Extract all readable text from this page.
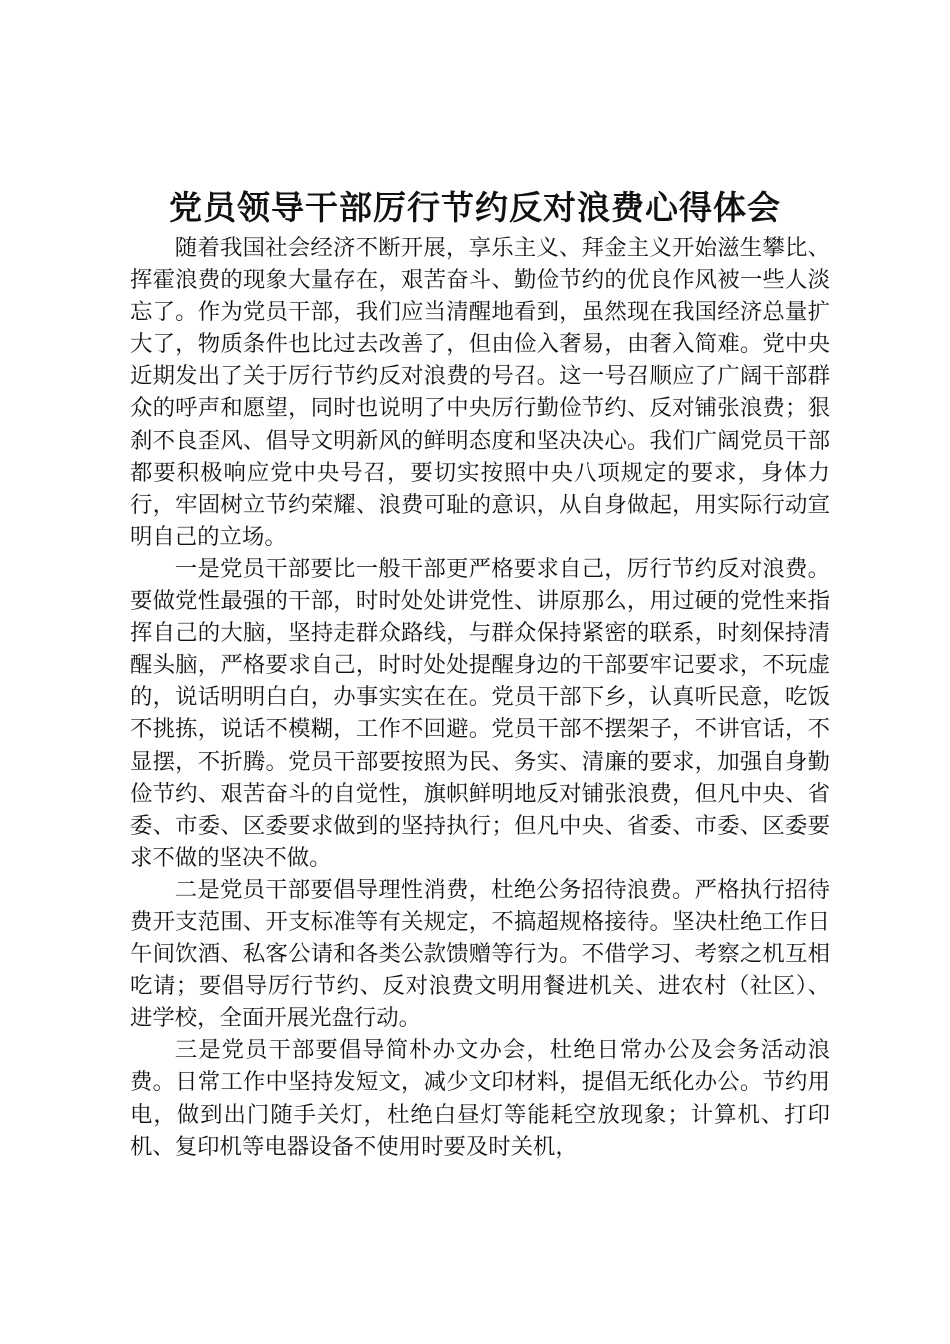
党员领导干部厉行节约反对浪费心得体会

随着我国社会经济不断开展，享乐主义、拜金主义开始滋生攀比、挥霍浪费的现象大量存在，艰苦奋斗、勤俭节约的优良作风被一些人淡忘了。作为党员干部，我们应当清醒地看到，虽然现在我国经济总量扩大了，物质条件也比过去改善了，但由俭入奢易，由奢入简难。党中央近期发出了关于厉行节约反对浪费的号召。这一号召顺应了广阔干部群众的呼声和愿望，同时也说明了中央厉行勤俭节约、反对铺张浪费；狠刹不良歪风、倡导文明新风的鲜明态度和坚决决心。我们广阔党员干部都要积极响应党中央号召，要切实按照中央八项规定的要求，身体力行，牢固树立节约荣耀、浪费可耻的意识，从自身做起，用实际行动宣明自己的立场。

一是党员干部要比一般干部更严格要求自己，厉行节约反对浪费。要做党性最强的干部，时时处处讲党性、讲原那么，用过硬的党性来指挥自己的大脑，坚持走群众路线，与群众保持紧密的联系，时刻保持清醒头脑，严格要求自己，时时处处提醒身边的干部要牢记要求，不玩虚的，说话明明白白，办事实实在在。党员干部下乡，认真听民意，吃饭不挑拣，说话不模糊，工作不回避。党员干部不摆架子，不讲官话，不显摆，不折腾。党员干部要按照为民、务实、清廉的要求，加强自身勤俭节约、艰苦奋斗的自觉性，旗帜鲜明地反对铺张浪费，但凡中央、省委、市委、区委要求做到的坚持执行；但凡中央、省委、市委、区委要求不做的坚决不做。

二是党员干部要倡导理性消费，杜绝公务招待浪费。严格执行招待费开支范围、开支标准等有关规定，不搞超规格接待。坚决杜绝工作日午间饮酒、私客公请和各类公款馈赠等行为。不借学习、考察之机互相吃请；要倡导厉行节约、反对浪费文明用餐进机关、进农村（社区）、进学校，全面开展光盘行动。

三是党员干部要倡导简朴办文办会，杜绝日常办公及会务活动浪费。日常工作中坚持发短文，减少文印材料，提倡无纸化办公。节约用电，做到出门随手关灯，杜绝白昼灯等能耗空放现象；计算机、打印机、复印机等电器设备不使用时要及时关机，
